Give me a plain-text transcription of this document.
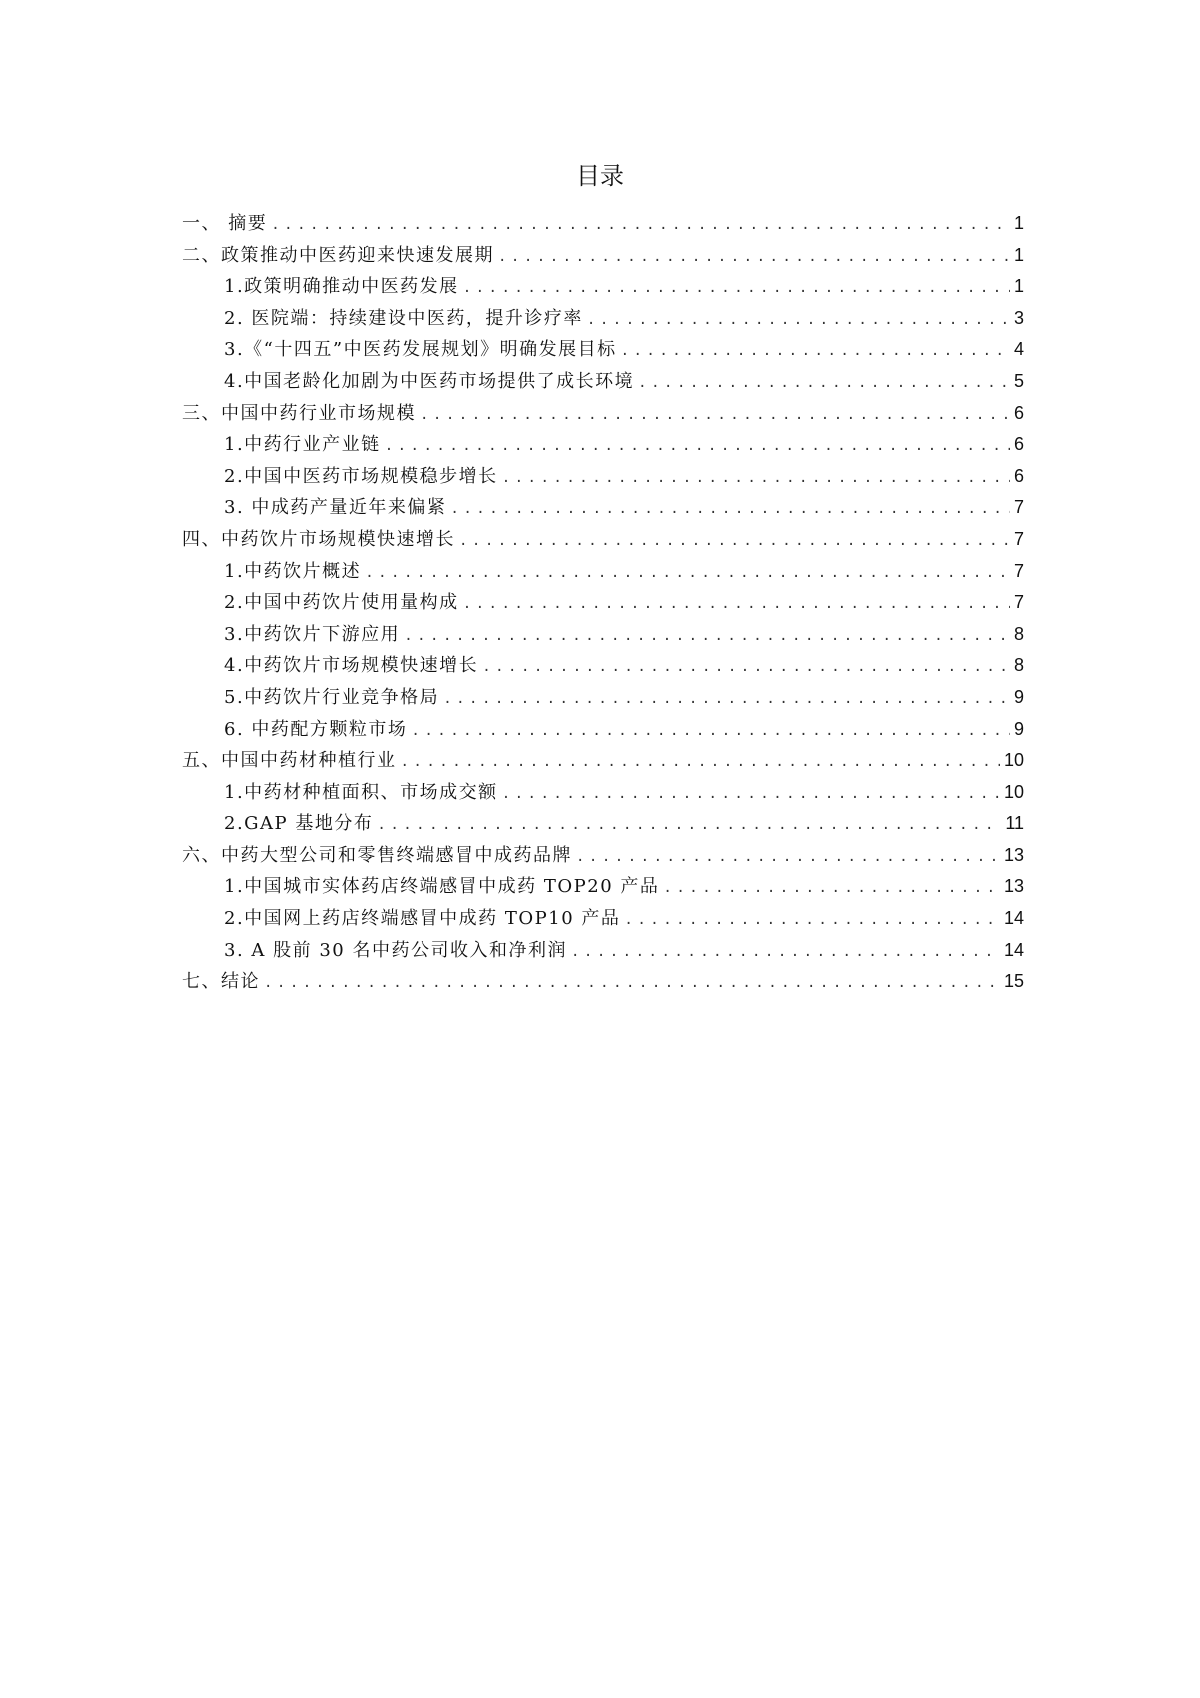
目录
一、 摘要 .....	1
二、政策推动中医药迎来快速发展期 .....	1
1.政策明确推动中医药发展 .....	1
2. 医院端：持续建设中医药，提升诊疗率 .....	3
3.《“十四五”中医药发展规划》明确发展目标 .....	4
4.中国老龄化加剧为中医药市场提供了成长环境 .....	5
三、中国中药行业市场规模 .....	6
1.中药行业产业链 .....	6
2.中国中医药市场规模稳步增长 .....	6
3. 中成药产量近年来偏紧 .....	7
四、中药饮片市场规模快速增长 .....	7
1.中药饮片概述 .....	7
2.中国中药饮片使用量构成 .....	7
3.中药饮片下游应用 .....	8
4.中药饮片市场规模快速增长 .....	8
5.中药饮片行业竞争格局 .....	9
6. 中药配方颗粒市场 .....	9
五、中国中药材种植行业 .....	10
1.中药材种植面积、市场成交额 .....	10
2.GAP 基地分布 .....	11
六、中药大型公司和零售终端感冒中成药品牌 .....	13
1.中国城市实体药店终端感冒中成药 TOP20 产品 .....	13
2.中国网上药店终端感冒中成药 TOP10 产品 .....	14
3. A 股前 30 名中药公司收入和净利润 .....	14
七、结论 .....	15
